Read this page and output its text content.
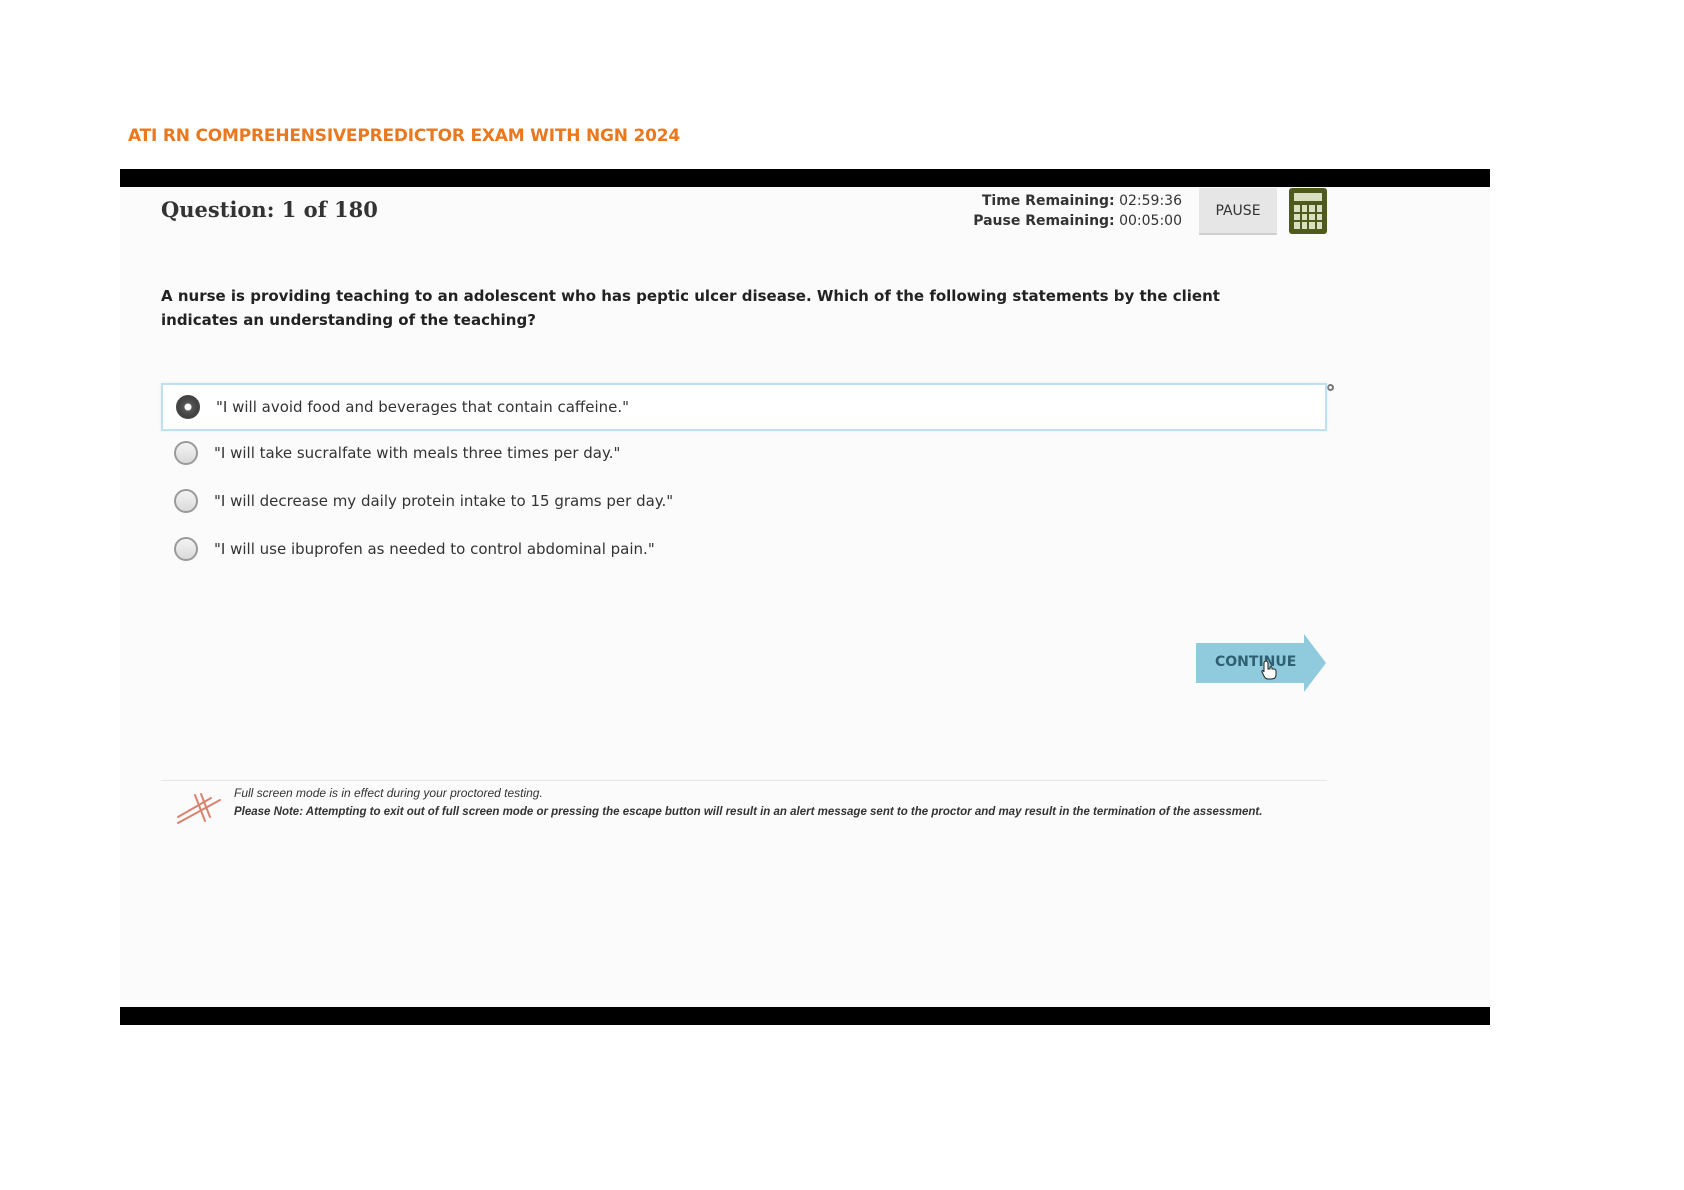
ATI RN COMPREHENSIVEPREDICTOR EXAM WITH NGN 2024
Question: 1 of 180	Time Remaining: 02:59:36
Pause Remaining: 00:05:00
PAUSE
A nurse is providing teaching to an adolescent who has peptic ulcer disease. Which of the following statements by the client indicates an understanding of the teaching?
"I will avoid food and beverages that contain caffeine."
"I will take sucralfate with meals three times per day."
"I will decrease my daily protein intake to 15 grams per day."
"I will use ibuprofen as needed to control abdominal pain."
CONTINUE
Full screen mode is in effect during your proctored testing.
Please Note: Attempting to exit out of full screen mode or pressing the escape button will result in an alert message sent to the proctor and may result in the termination of the assessment.
